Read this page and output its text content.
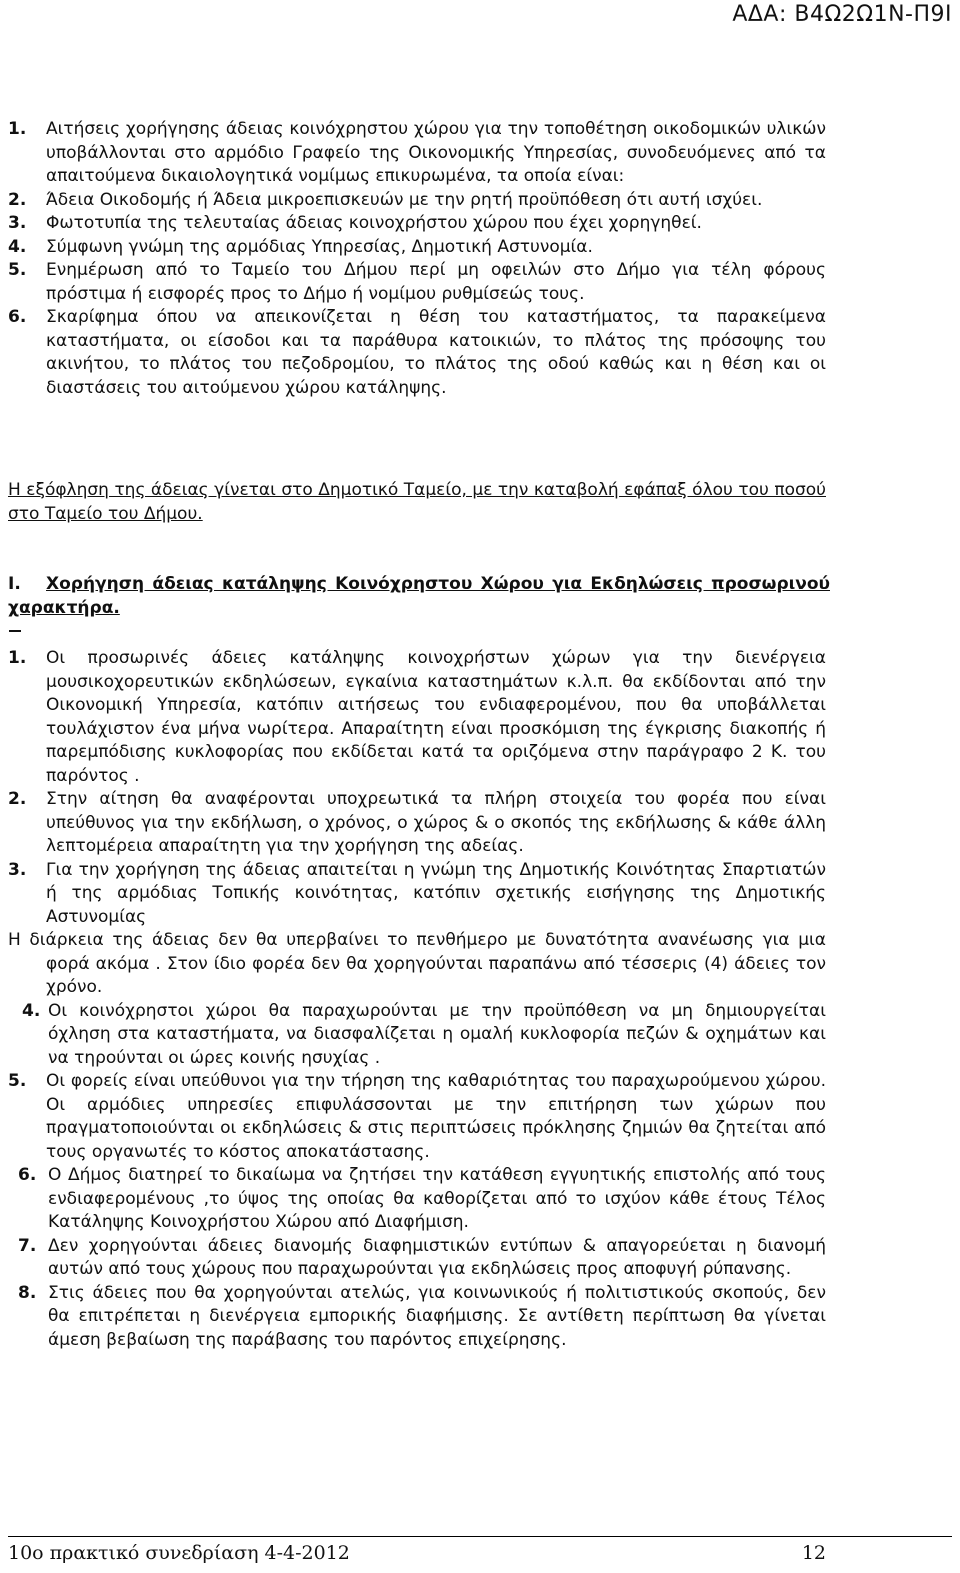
ΑΔΑ: Β4Ω2Ω1Ν-Π9Ι
1. Αιτήσεις χορήγησης άδειας κοινόχρηστου χώρου για την τοποθέτηση οικοδομικών υλικών υποβάλλονται στο αρμόδιο Γραφείο της Οικονομικής Υπηρεσίας, συνοδευόμενες από τα απαιτούμενα δικαιολογητικά νομίμως επικυρωμένα, τα οποία είναι:
2. Άδεια Οικοδομής ή Άδεια μικροεπισκευών με την ρητή προϋπόθεση ότι αυτή ισχύει.
3. Φωτοτυπία της τελευταίας άδειας κοινοχρήστου χώρου που έχει χορηγηθεί.
4. Σύμφωνη γνώμη της αρμόδιας Υπηρεσίας, Δημοτική Αστυνομία.
5. Ενημέρωση από το Ταμείο του Δήμου περί μη οφειλών στο Δήμο για τέλη φόρους πρόστιμα ή εισφορές προς το Δήμο ή νομίμου ρυθμίσεώς τους.
6. Σκαρίφημα όπου να απεικονίζεται η θέση του καταστήματος, τα παρακείμενα καταστήματα, οι είσοδοι και τα παράθυρα κατοικιών, το πλάτος της πρόσοψης του ακινήτου, το πλάτος του πεζοδρομίου, το πλάτος της οδού καθώς και η θέση και οι διαστάσεις του αιτούμενου χώρου κατάληψης.
Η εξόφληση της άδειας γίνεται στο Δημοτικό Ταμείο, με την καταβολή εφάπαξ όλου του ποσού στο Ταμείο του Δήμου.
Ι. Χορήγηση άδειας κατάληψης Κοινόχρηστου Χώρου για Εκδηλώσεις προσωρινού χαρακτήρα.
1. Οι προσωρινές άδειες κατάληψης κοινοχρήστων χώρων για την διενέργεια μουσικοχορευτικών εκδηλώσεων, εγκαίνια καταστημάτων κ.λ.π. θα εκδίδονται από την Οικονομική Υπηρεσία, κατόπιν αιτήσεως του ενδιαφερομένου, που θα υποβάλλεται τουλάχιστον ένα μήνα νωρίτερα. Απαραίτητη είναι προσκόμιση της έγκρισης διακοπής ή παρεμπόδισης κυκλοφορίας που εκδίδεται κατά τα οριζόμενα στην παράγραφο 2 Κ. του παρόντος .
2. Στην αίτηση θα αναφέρονται υποχρεωτικά τα πλήρη στοιχεία του φορέα που είναι υπεύθυνος για την εκδήλωση, ο χρόνος, ο χώρος & ο σκοπός της εκδήλωσης & κάθε άλλη λεπτομέρεια απαραίτητη για την χορήγηση της αδείας.
3. Για την χορήγηση της άδειας απαιτείται η γνώμη της Δημοτικής Κοινότητας Σπαρτιατών ή της αρμόδιας Τοπικής κοινότητας, κατόπιν σχετικής εισήγησης της Δημοτικής Αστυνομίας
Η διάρκεια της άδειας δεν θα υπερβαίνει το πενθήμερο με δυνατότητα ανανέωσης για μια φορά ακόμα . Στον ίδιο φορέα δεν θα χορηγούνται παραπάνω από τέσσερις (4) άδειες τον χρόνο.
4. Οι κοινόχρηστοι χώροι θα παραχωρούνται με την προϋπόθεση να μη δημιουργείται όχληση στα καταστήματα, να διασφαλίζεται η ομαλή κυκλοφορία πεζών & οχημάτων και να τηρούνται οι ώρες κοινής ησυχίας .
5. Οι φορείς είναι υπεύθυνοι για την τήρηση της καθαριότητας του παραχωρούμενου χώρου. Οι αρμόδιες υπηρεσίες επιφυλάσσονται με την επιτήρηση των χώρων που πραγματοποιούνται οι εκδηλώσεις & στις περιπτώσεις πρόκλησης ζημιών θα ζητείται από τους οργανωτές το κόστος αποκατάστασης.
6. Ο Δήμος διατηρεί το δικαίωμα να ζητήσει την κατάθεση εγγυητικής επιστολής από τους ενδιαφερομένους ,το ύψος της οποίας θα καθορίζεται από το ισχύον κάθε έτους Τέλος Κατάληψης Κοινοχρήστου Χώρου από Διαφήμιση.
7. Δεν χορηγούνται άδειες διανομής διαφημιστικών εντύπων & απαγορεύεται η διανομή αυτών από τους χώρους που παραχωρούνται για εκδηλώσεις προς αποφυγή ρύπανσης.
8. Στις άδειες που θα χορηγούνται ατελώς, για κοινωνικούς ή πολιτιστικούς σκοπούς, δεν θα επιτρέπεται η διενέργεια εμπορικής διαφήμισης. Σε αντίθετη περίπτωση θα γίνεται άμεση βεβαίωση της παράβασης του παρόντος επιχείρησης.
10ο πρακτικό συνεδρίαση 4-4-2012	12
